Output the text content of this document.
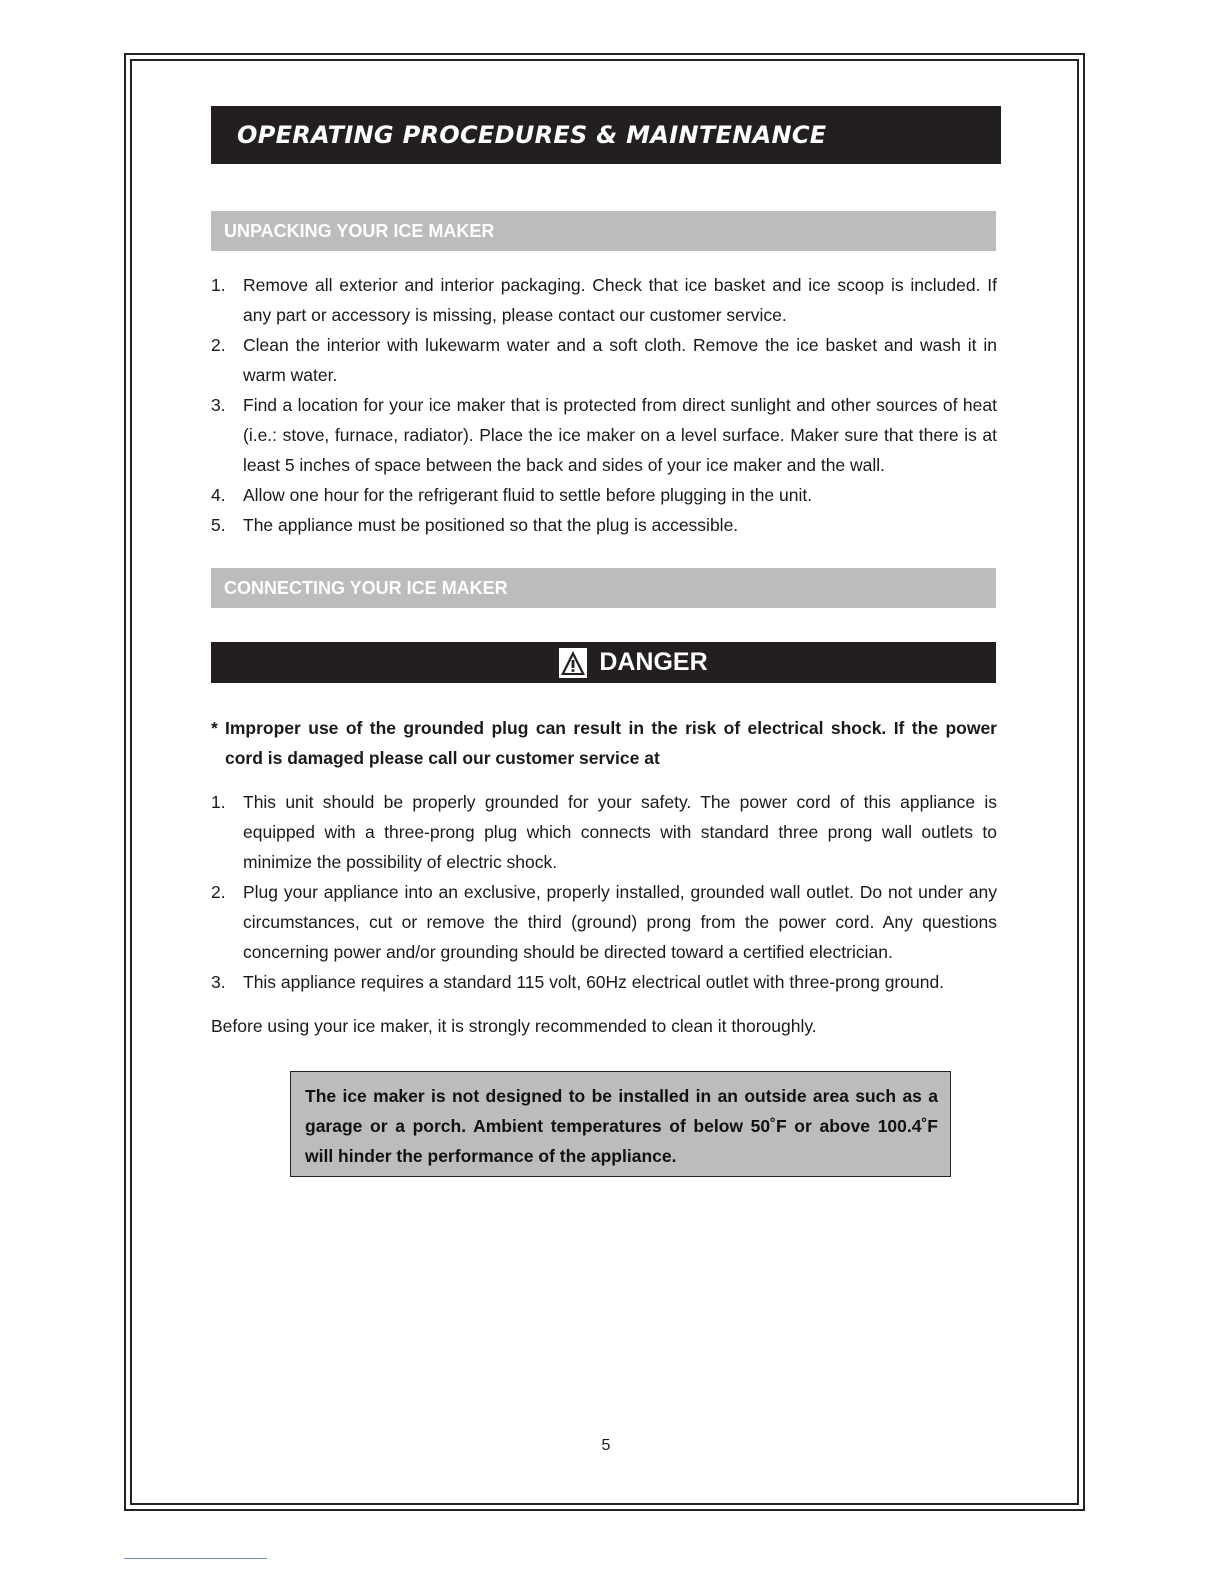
OPERATING PROCEDURES & MAINTENANCE
UNPACKING YOUR ICE MAKER
1. Remove all exterior and interior packaging. Check that ice basket and ice scoop is included. If any part or accessory is missing, please contact our customer service.
2. Clean the interior with lukewarm water and a soft cloth. Remove the ice basket and wash it in warm water.
3. Find a location for your ice maker that is protected from direct sunlight and other sources of heat (i.e.: stove, furnace, radiator). Place the ice maker on a level surface. Maker sure that there is at least 5 inches of space between the back and sides of your ice maker and the wall.
4. Allow one hour for the refrigerant fluid to settle before plugging in the unit.
5. The appliance must be positioned so that the plug is accessible.
CONNECTING YOUR ICE MAKER
DANGER
* Improper use of the grounded plug can result in the risk of electrical shock. If the power cord is damaged please call our customer service at
1. This unit should be properly grounded for your safety. The power cord of this appliance is equipped with a three-prong plug which connects with standard three prong wall outlets to minimize the possibility of electric shock.
2. Plug your appliance into an exclusive, properly installed, grounded wall outlet. Do not under any circumstances, cut or remove the third (ground) prong from the power cord. Any questions concerning power and/or grounding should be directed toward a certified electrician.
3. This appliance requires a standard 115 volt, 60Hz electrical outlet with three-prong ground.
Before using your ice maker, it is strongly recommended to clean it thoroughly.
The ice maker is not designed to be installed in an outside area such as a garage or a porch. Ambient temperatures of below 50˚F or above 100.4˚F will hinder the performance of the appliance.
5
